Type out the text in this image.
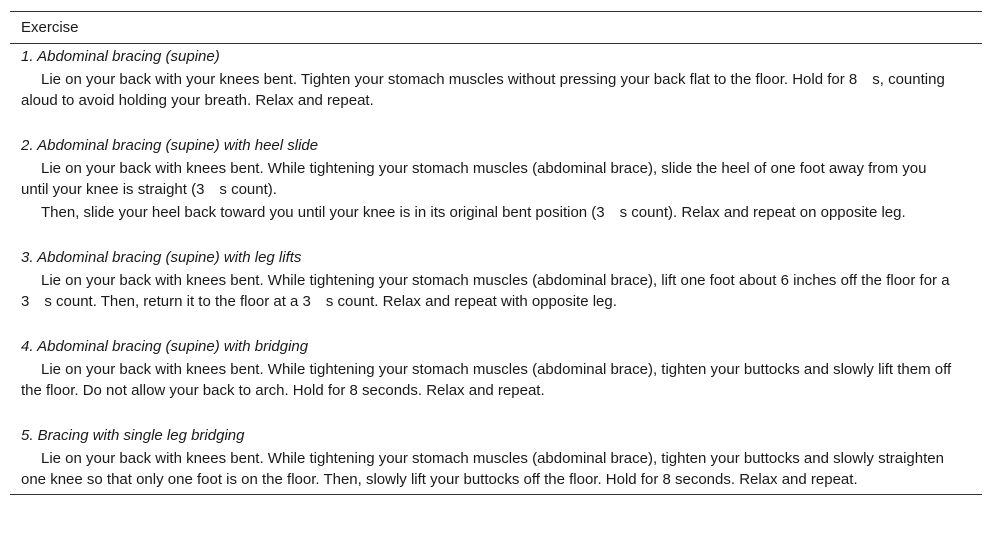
Exercise
1. Abdominal bracing (supine)
Lie on your back with your knees bent. Tighten your stomach muscles without pressing your back flat to the floor. Hold for 8 s, counting aloud to avoid holding your breath. Relax and repeat.
2. Abdominal bracing (supine) with heel slide
Lie on your back with knees bent. While tightening your stomach muscles (abdominal brace), slide the heel of one foot away from you until your knee is straight (3 s count).
Then, slide your heel back toward you until your knee is in its original bent position (3 s count). Relax and repeat on opposite leg.
3. Abdominal bracing (supine) with leg lifts
Lie on your back with knees bent. While tightening your stomach muscles (abdominal brace), lift one foot about 6 inches off the floor for a 3 s count. Then, return it to the floor at a 3 s count. Relax and repeat with opposite leg.
4. Abdominal bracing (supine) with bridging
Lie on your back with knees bent. While tightening your stomach muscles (abdominal brace), tighten your buttocks and slowly lift them off the floor. Do not allow your back to arch. Hold for 8 seconds. Relax and repeat.
5. Bracing with single leg bridging
Lie on your back with knees bent. While tightening your stomach muscles (abdominal brace), tighten your buttocks and slowly straighten one knee so that only one foot is on the floor. Then, slowly lift your buttocks off the floor. Hold for 8 seconds. Relax and repeat.
